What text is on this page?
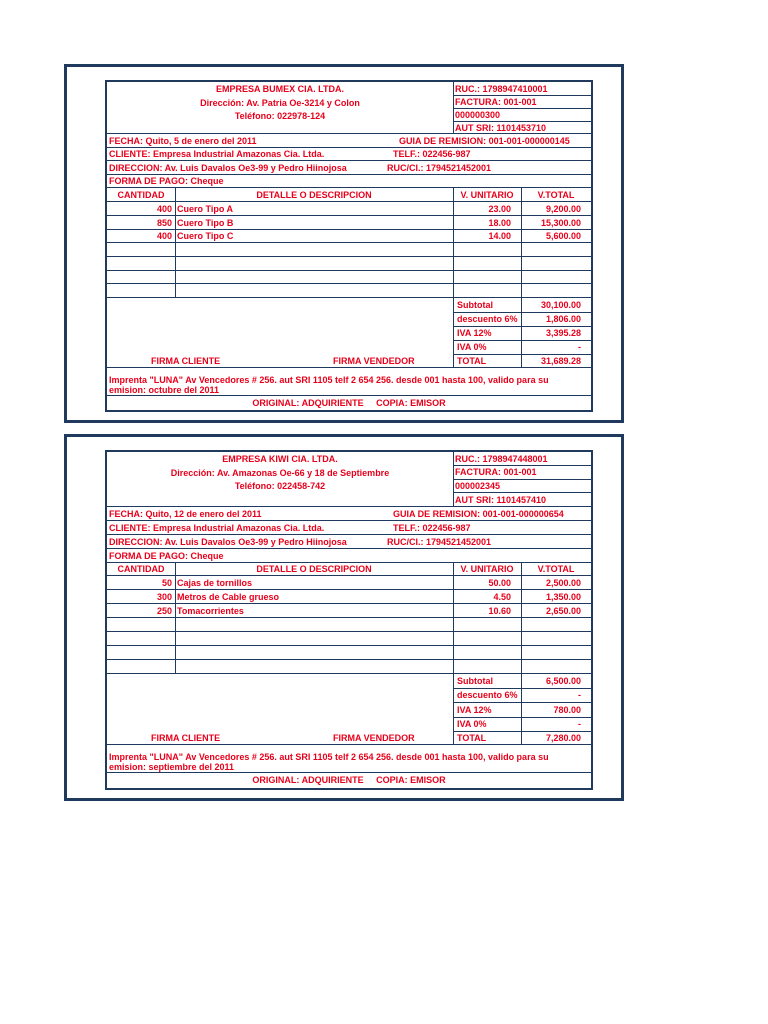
EMPRESA BUMEX CIA. LTDA.
Dirección: Av. Patria Oe-3214 y Colon
Teléfono: 022978-124
RUC.: 1798947410001
FACTURA: 001-001
000000300
AUT SRI: 1101453710
FECHA: Quito, 5 de enero del 2011	GUIA DE REMISION: 001-001-000000145
CLIENTE: Empresa Industrial Amazonas Cia. Ltda.	TELF.: 022456-987
DIRECCION: Av. Luis Davalos Oe3-99 y Pedro Hiinojosa	RUC/CI.: 1794521452001
FORMA DE PAGO: Cheque
CANTIDAD	DETALLE O DESCRIPCION	V. UNITARIO	V.TOTAL
400 Cuero Tipo A	23.00	9,200.00
850 Cuero Tipo B	18.00	15,300.00
400 Cuero Tipo C	14.00	5,600.00
Subtotal	30,100.00
descuento 6%	1,806.00
IVA 12%	3,395.28
IVA 0%	-
TOTAL	31,689.28
FIRMA CLIENTE	FIRMA VENDEDOR
Imprenta "LUNA" Av Vencedores # 256. aut SRI 1105 telf 2 654 256. desde 001 hasta 100, valido para su
emision: octubre del 2011
ORIGINAL: ADQUIRIENTE     COPIA: EMISOR
EMPRESA KIWI CIA. LTDA.
Dirección: Av. Amazonas Oe-66 y 18 de Septiembre
Teléfono: 022458-742
RUC.: 1798947448001
FACTURA: 001-001
000002345
AUT SRI: 1101457410
FECHA: Quito, 12 de enero del 2011	GUIA DE REMISION: 001-001-000000654
CLIENTE: Empresa Industrial Amazonas Cia. Ltda.	TELF.: 022456-987
DIRECCION: Av. Luis Davalos Oe3-99 y Pedro Hiinojosa	RUC/CI.: 1794521452001
FORMA DE PAGO: Cheque
CANTIDAD	DETALLE O DESCRIPCION	V. UNITARIO	V.TOTAL
50 Cajas de tornillos	50.00	2,500.00
300 Metros de Cable grueso	4.50	1,350.00
250 Tomacorrientes	10.60	2,650.00
Subtotal	6,500.00
descuento 6%	-
IVA 12%	780.00
IVA 0%	-
TOTAL	7,280.00
FIRMA CLIENTE	FIRMA VENDEDOR
Imprenta "LUNA" Av Vencedores # 256. aut SRI 1105 telf 2 654 256. desde 001 hasta 100, valido para su
emision: septiembre del 2011
ORIGINAL: ADQUIRIENTE     COPIA: EMISOR
